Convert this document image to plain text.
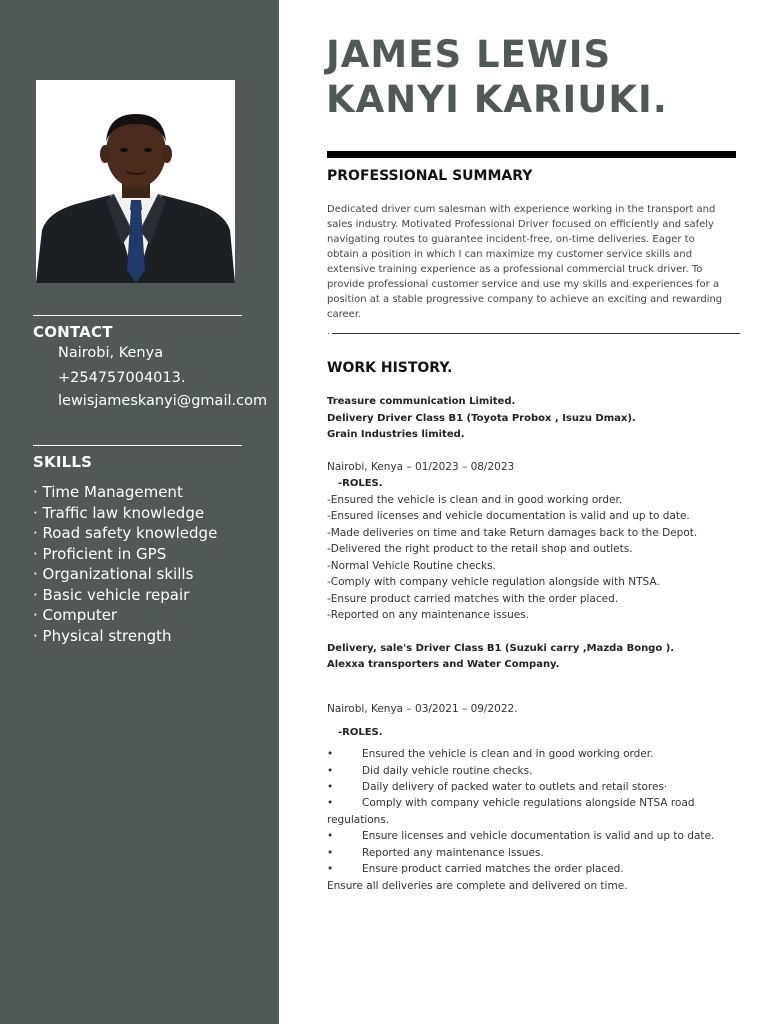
CONTACT
Nairobi, Kenya
+254757004013.
lewisjameskanyi@gmail.com
SKILLS
· Time Management
· Traffic law knowledge
· Road safety knowledge
· Proficient in GPS
· Organizational skills
· Basic vehicle repair
· Computer
· Physical strength
JAMES LEWIS
KANYI KARIUKI.
PROFESSIONAL SUMMARY
Dedicated driver cum salesman with experience working in the transport and
sales industry. Motivated Professional Driver focused on efficiently and safely
navigating routes to guarantee incident-free, on-time deliveries. Eager to
obtain a position in which I can maximize my customer service skills and
extensive training experience as a professional commercial truck driver. To
provide professional customer service and use my skills and experiences for a
position at a stable progressive company to achieve an exciting and rewarding
career.
.
WORK HISTORY.
Treasure communication Limited.
Delivery Driver Class B1 (Toyota Probox , Isuzu Dmax).
Grain Industries limited.
Nairobi, Kenya – 01/2023 – 08/2023
-ROLES.
-Ensured the vehicle is clean and in good working order.
-Ensured licenses and vehicle documentation is valid and up to date.
-Made deliveries on time and take Return damages back to the Depot.
-Delivered the right product to the retail shop and outlets.
-Normal Vehicle Routine checks.
-Comply with company vehicle regulation alongside with NTSA.
-Ensure product carried matches with the order placed.
-Reported on any maintenance issues.
Delivery, sale's Driver Class B1 (Suzuki carry ,Mazda Bongo ).
Alexxa transporters and Water Company.
Nairobi, Kenya – 03/2021 – 09/2022.
-ROLES.
•	Ensured the vehicle is clean and in good working order.
•	Did daily vehicle routine checks.
•	Daily delivery of packed water to outlets and retail stores·
•	Comply with company vehicle regulations alongside NTSA road
regulations.
•	Ensure licenses and vehicle documentation is valid and up to date.
•	Reported any maintenance issues.
•	Ensure product carried matches the order placed.
Ensure all deliveries are complete and delivered on time.
